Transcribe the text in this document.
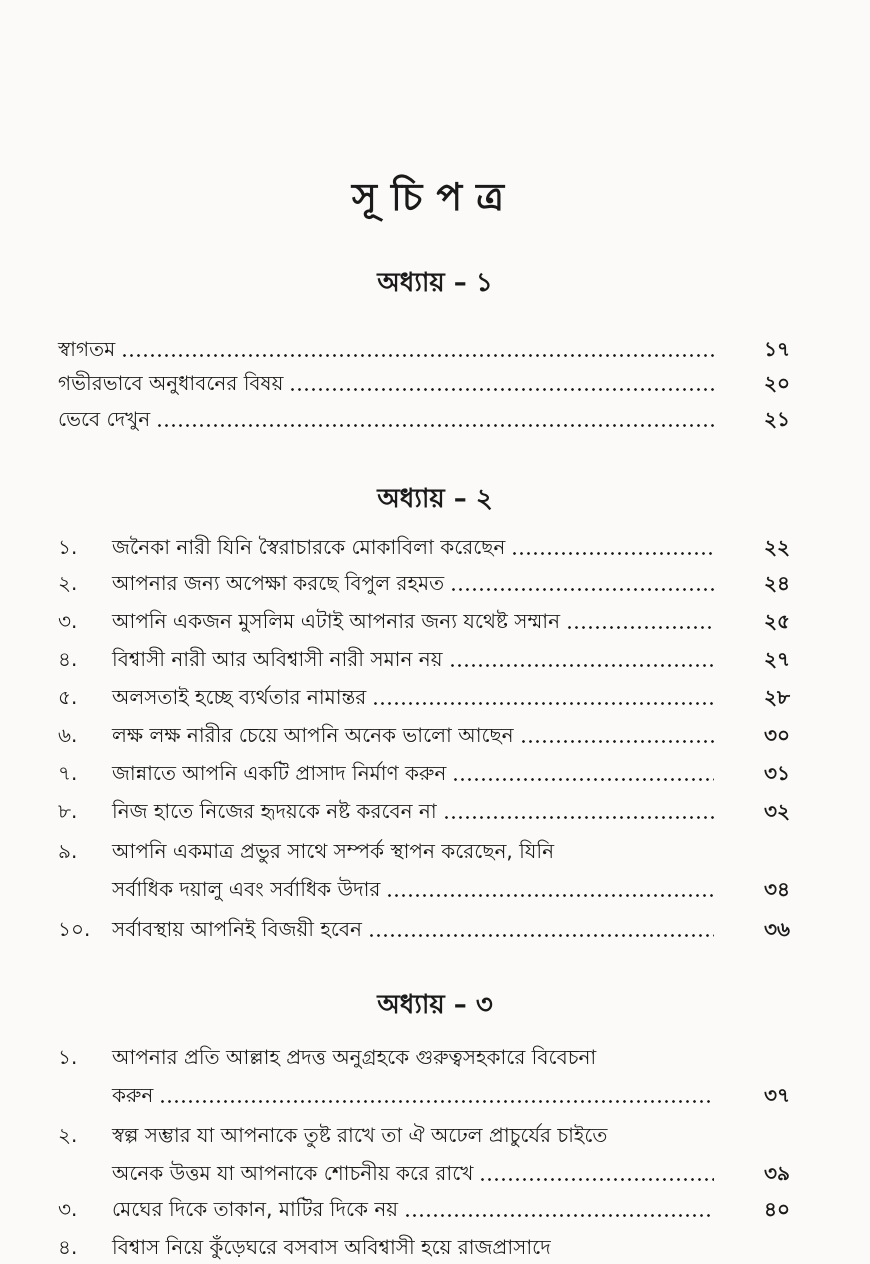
সূচিপত্র
অধ্যায় – ১
স্বাগতম	১৭
গভীরভাবে অনুধাবনের বিষয়	২০
ভেবে দেখুন	২১
অধ্যায় – ২
১.	জনৈকা নারী যিনি স্বৈরাচারকে মোকাবিলা করেছেন	২২
২.	আপনার জন্য অপেক্ষা করছে বিপুল রহমত	২৪
৩.	আপনি একজন মুসলিম এটাই আপনার জন্য যথেষ্ট সম্মান	২৫
৪.	বিশ্বাসী নারী আর অবিশ্বাসী নারী সমান নয়	২৭
৫.	অলসতাই হচ্ছে ব্যর্থতার নামান্তর	২৮
৬.	লক্ষ লক্ষ নারীর চেয়ে আপনি অনেক ভালো আছেন	৩০
৭.	জান্নাতে আপনি একটি প্রাসাদ নির্মাণ করুন	৩১
৮.	নিজ হাতে নিজের হৃদয়কে নষ্ট করবেন না	৩২
৯.	আপনি একমাত্র প্রভুর সাথে সম্পর্ক স্থাপন করেছেন, যিনি
সর্বাধিক দয়ালু এবং সর্বাধিক উদার	৩৪
১০.	সর্বাবস্থায় আপনিই বিজয়ী হবেন	৩৬
অধ্যায় – ৩
১.	আপনার প্রতি আল্লাহ প্রদত্ত অনুগ্রহকে গুরুত্বসহকারে বিবেচনা
করুন	৩৭
২.	স্বল্প সম্ভার যা আপনাকে তুষ্ট রাখে তা ঐ অঢেল প্রাচুর্যের চাইতে
অনেক উত্তম যা আপনাকে শোচনীয় করে রাখে	৩৯
৩.	মেঘের দিকে তাকান, মাটির দিকে নয়	৪০
৪.	বিশ্বাস নিয়ে কুঁড়েঘরে বসবাস অবিশ্বাসী হয়ে রাজপ্রাসাদে
